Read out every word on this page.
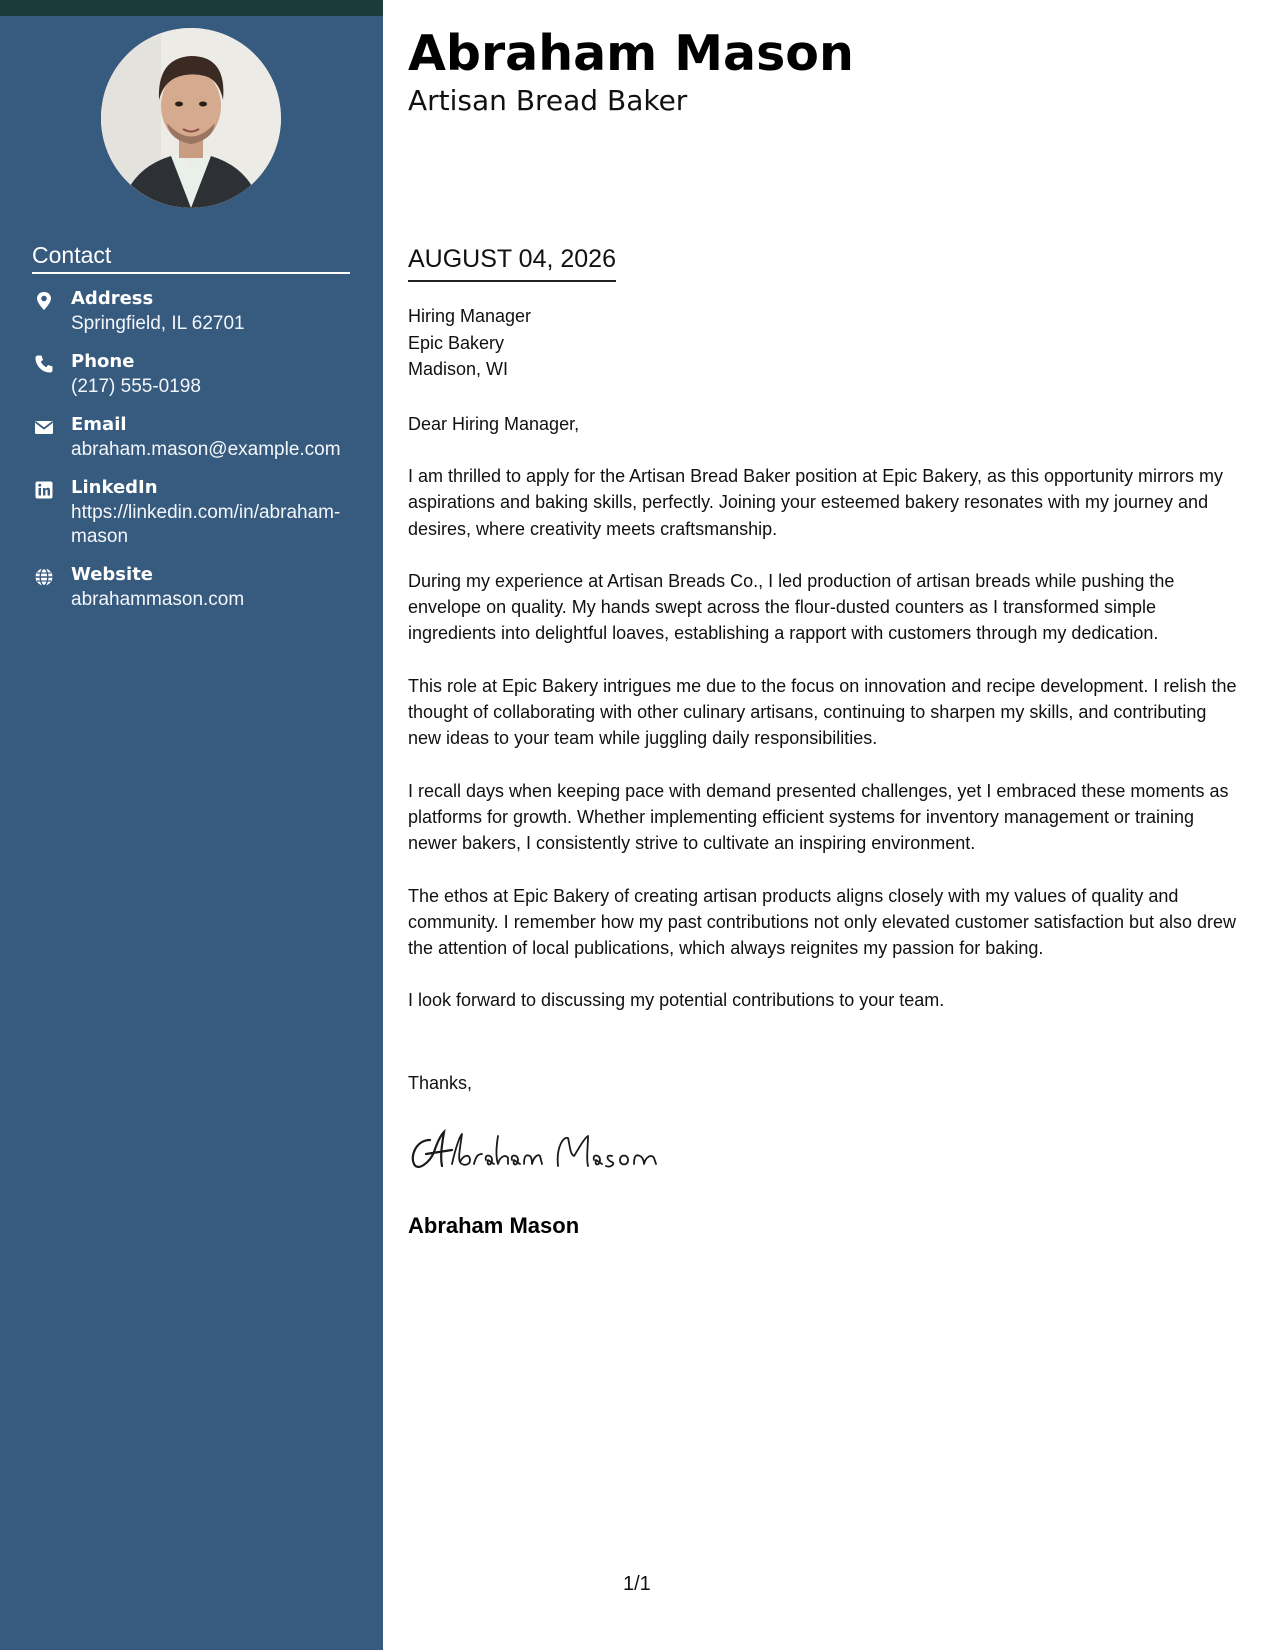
Contact
Address
Springfield, IL 62701
Phone
(217) 555-0198
Email
abraham.mason@example.com
LinkedIn
https://linkedin.com/in/abraham-mason
Website
abrahammason.com
Abraham Mason
Artisan Bread Baker
AUGUST 04, 2026
Hiring Manager
Epic Bakery
Madison, WI
Dear Hiring Manager,

I am thrilled to apply for the Artisan Bread Baker position at Epic Bakery, as this opportunity mirrors my aspirations and baking skills, perfectly. Joining your esteemed bakery resonates with my journey and desires, where creativity meets craftsmanship.

During my experience at Artisan Breads Co., I led production of artisan breads while pushing the envelope on quality. My hands swept across the flour-dusted counters as I transformed simple ingredients into delightful loaves, establishing a rapport with customers through my dedication.

This role at Epic Bakery intrigues me due to the focus on innovation and recipe development. I relish the thought of collaborating with other culinary artisans, continuing to sharpen my skills, and contributing new ideas to your team while juggling daily responsibilities.

I recall days when keeping pace with demand presented challenges, yet I embraced these moments as platforms for growth. Whether implementing efficient systems for inventory management or training newer bakers, I consistently strive to cultivate an inspiring environment.

The ethos at Epic Bakery of creating artisan products aligns closely with my values of quality and community. I remember how my past contributions not only elevated customer satisfaction but also drew the attention of local publications, which always reignites my passion for baking.

I look forward to discussing my potential contributions to your team.

Thanks,
Abraham Mason
1/1
